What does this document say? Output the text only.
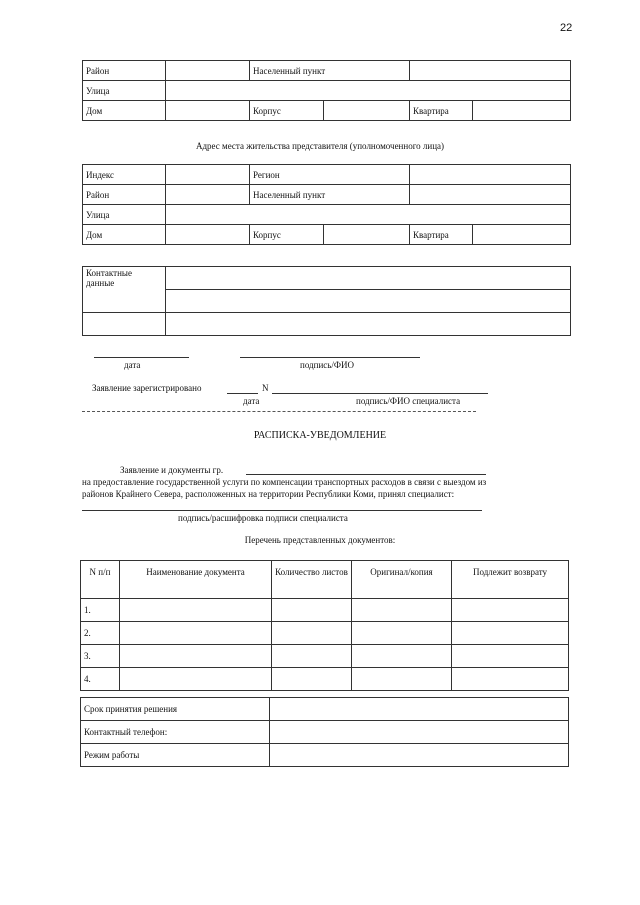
22
Район		Населенный пункт			
Улица					
Дом		Корпус		Квартира	
Адрес места жительства представителя (уполномоченного лица)
Индекс		Регион			
Район		Населенный пункт			
Улица					
Дом		Корпус		Квартира	
Контактные данные	

дата	подпись/ФИО
Заявление зарегистрировано	N
дата	подпись/ФИО специалиста
РАСПИСКА-УВЕДОМЛЕНИЕ
Заявление и документы гр.
на предоставление государственной услуги по компенсации транспортных расходов в связи с выездом из
районов Крайнего Севера, расположенных на территории Республики Коми, принял специалист:
подпись/расшифровка подписи специалиста
Перечень представленных документов:
N п/п	Наименование документа	Количество листов	Оригинал/копия	Подлежит возврату
1.				
2.				
3.				
4.				
Срок принятия решения	
Контактный телефон:	
Режим работы	
